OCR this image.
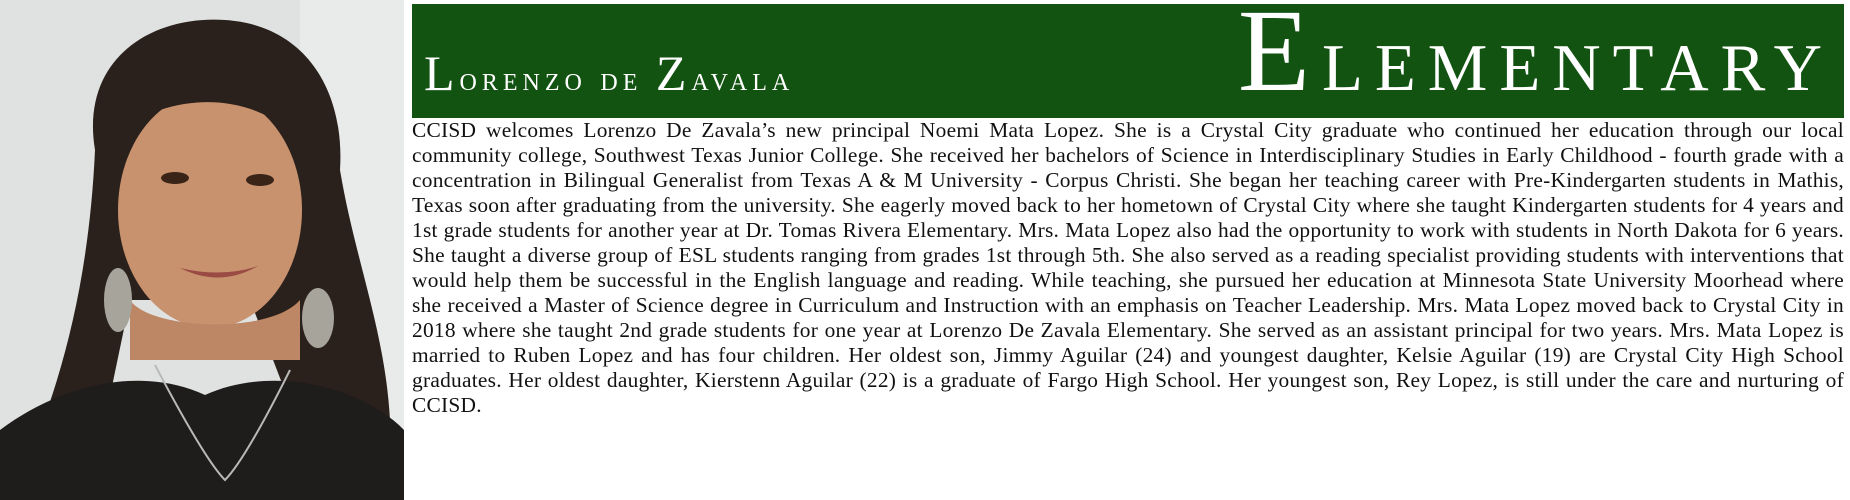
Lorenzo de Zavala	Elementary

CCISD welcomes Lorenzo De Zavala’s new principal Noemi Mata Lopez. She is a Crystal City graduate who continued her education through our local community college, Southwest Texas Junior College. She received her bachelors of Science in Interdisciplinary Studies in Early Childhood - fourth grade with a concentration in Bilingual Generalist from Texas A & M University - Corpus Christi. She began her teaching career with Pre-Kindergarten students in Mathis, Texas soon after graduating from the university. She eagerly moved back to her hometown of Crystal City where she taught Kindergarten students for 4 years and 1st grade students for another year at Dr. Tomas Rivera Elementary. Mrs. Mata Lopez also had the opportunity to work with students in North Dakota for 6 years. She taught a diverse group of ESL students ranging from grades 1st through 5th. She also served as a reading specialist providing students with interventions that would help them be successful in the English language and reading. While teaching, she pursued her education at Minnesota State University Moorhead where she received a Master of Science degree in Curriculum and Instruction with an emphasis on Teacher Leadership. Mrs. Mata Lopez moved back to Crystal City in 2018 where she taught 2nd grade students for one year at Lorenzo De Zavala Elementary. She served as an assistant principal for two years. Mrs. Mata Lopez is married to Ruben Lopez and has four children. Her oldest son, Jimmy Aguilar (24) and youngest daughter, Kelsie Aguilar (19) are Crystal City High School graduates. Her oldest daughter, Kierstenn Aguilar (22) is a graduate of Fargo High School. Her youngest son, Rey Lopez, is still under the care and nurturing of CCISD.
